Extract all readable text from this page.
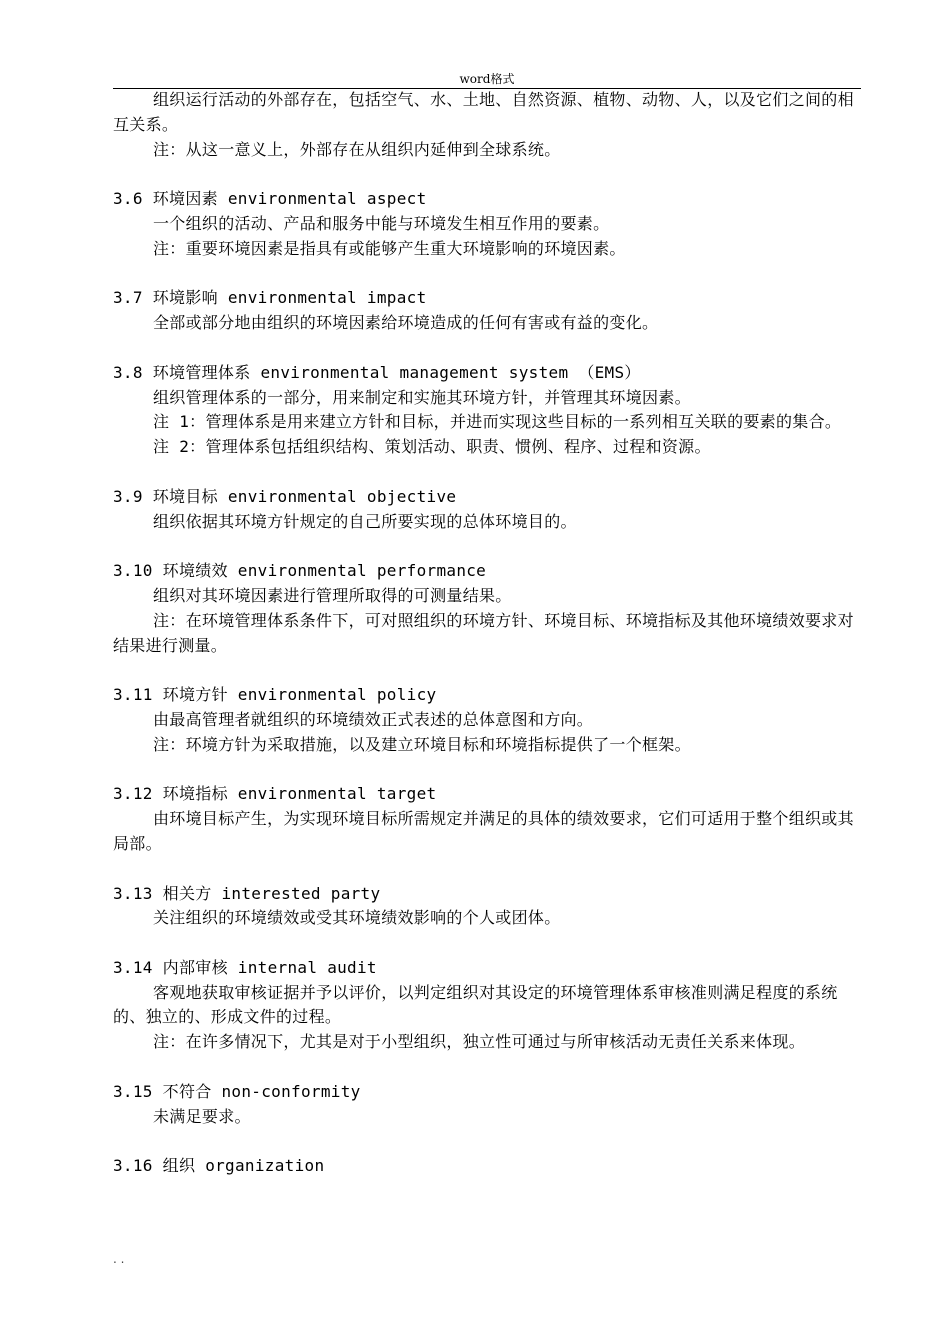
word格式

组织运行活动的外部存在，包括空气、水、土地、自然资源、植物、动物、人，以及它们之间的相互关系。

注：从这一意义上，外部存在从组织内延伸到全球系统。

3.6 环境因素 environmental aspect

一个组织的活动、产品和服务中能与环境发生相互作用的要素。

注：重要环境因素是指具有或能够产生重大环境影响的环境因素。

3.7 环境影响 environmental impact

全部或部分地由组织的环境因素给环境造成的任何有害或有益的变化。

3.8 环境管理体系 environmental management system （EMS）

组织管理体系的一部分，用来制定和实施其环境方针，并管理其环境因素。

注 1：管理体系是用来建立方针和目标，并进而实现这些目标的一系列相互关联的要素的集合。

注 2：管理体系包括组织结构、策划活动、职责、惯例、程序、过程和资源。

3.9 环境目标 environmental objective

组织依据其环境方针规定的自己所要实现的总体环境目的。

3.10 环境绩效 environmental performance

组织对其环境因素进行管理所取得的可测量结果。

注：在环境管理体系条件下，可对照组织的环境方针、环境目标、环境指标及其他环境绩效要求对结果进行测量。

3.11 环境方针 environmental policy

由最高管理者就组织的环境绩效正式表述的总体意图和方向。

注：环境方针为采取措施，以及建立环境目标和环境指标提供了一个框架。

3.12 环境指标 environmental target

由环境目标产生，为实现环境目标所需规定并满足的具体的绩效要求，它们可适用于整个组织或其局部。

3.13 相关方 interested party

关注组织的环境绩效或受其环境绩效影响的个人或团体。

3.14 内部审核 internal audit

客观地获取审核证据并予以评价，以判定组织对其设定的环境管理体系审核准则满足程度的系统的、独立的、形成文件的过程。

注：在许多情况下，尤其是对于小型组织，独立性可通过与所审核活动无责任关系来体现。

3.15 不符合 non-conformity

未满足要求。

3.16 组织 organization

. .
